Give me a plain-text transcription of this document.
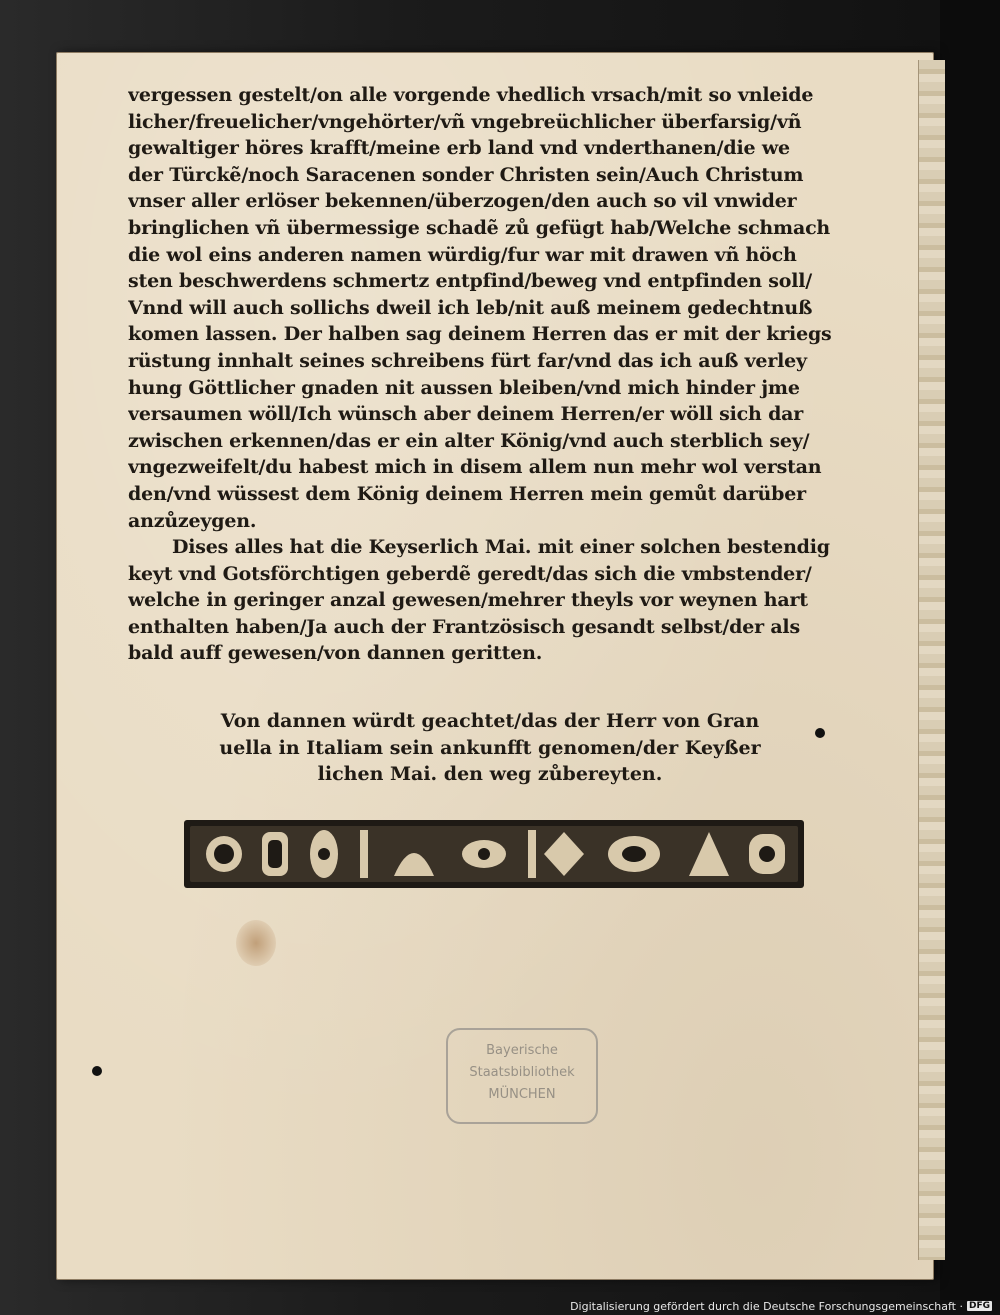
vergessen gestelt/on alle vorgende vhedlich vrsach/mit so vnleide
licher/freuelicher/vngehörter/vñ vngebreüchlicher überfarsig/vñ
gewaltiger höres krafft/meine erb land vnd vnderthanen/die we
der Türckẽ/noch Saracenen sonder Christen sein/Auch Christum
vnser aller erlöser bekennen/überzogen/den auch so vil vnwider
bringlichen vñ übermessige schadẽ zů gefügt hab/Welche schmach
die wol eins anderen namen würdig/fur war mit drawen vñ höch
sten beschwerdens schmertz entpfind/beweg vnd entpfinden soll/
Vnnd will auch sollichs dweil ich leb/nit auß meinem gedechtnuß
komen lassen. Der halben sag deinem Herren das er mit der kriegs
rüstung innhalt seines schreibens fürt far/vnd das ich auß verley
hung Göttlicher gnaden nit aussen bleiben/vnd mich hinder jme
versaumen wöll/Ich wünsch aber deinem Herren/er wöll sich dar
zwischen erkennen/das er ein alter König/vnd auch sterblich sey/
vngezweifelt/du habest mich in disem allem nun mehr wol verstan
den/vnd wüssest dem König deinem Herren mein gemůt darüber
anzůzeygen.
Dises alles hat die Keyserlich Mai. mit einer solchen bestendig
keyt vnd Gotsförchtigen geberdẽ geredt/das sich die vmbstender/
welche in geringer anzal gewesen/mehrer theyls vor weynen hart
enthalten haben/Ja auch der Frantzösisch gesandt selbst/der als
bald auff gewesen/von dannen geritten.
Von dannen würdt geachtet/das der Herr von Gran
uella in Italiam sein ankunfft genomen/der Keyßer
lichen Mai. den weg zůbereyten.
Bayerische
Staatsbibliothek
MÜNCHEN
Digitalisierung gefördert durch die Deutsche Forschungsgemeinschaft · DFG
